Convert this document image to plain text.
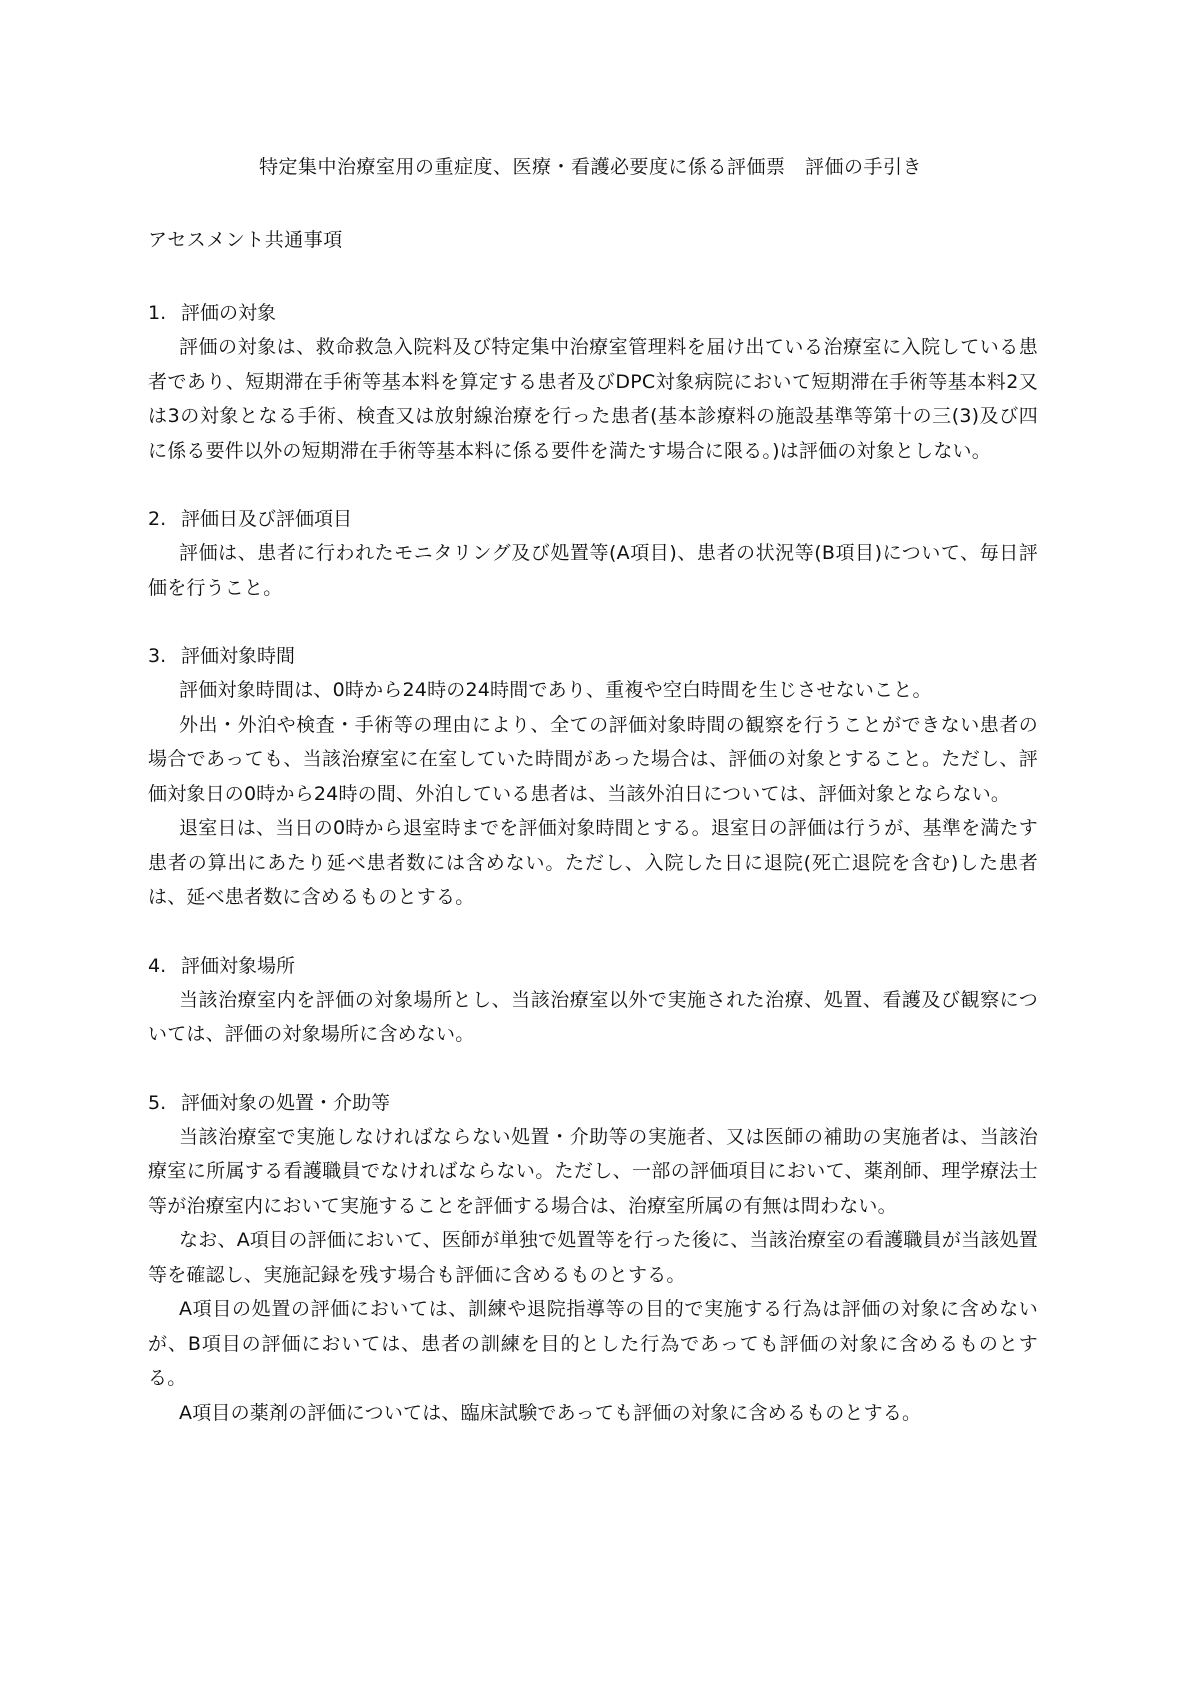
特定集中治療室用の重症度、医療・看護必要度に係る評価票　評価の手引き
アセスメント共通事項
1. 評価の対象

評価の対象は、救命救急入院料及び特定集中治療室管理料を届け出ている治療室に入院している患者であり、短期滞在手術等基本料を算定する患者及びDPC対象病院において短期滞在手術等基本料2又は3の対象となる手術、検査又は放射線治療を行った患者(基本診療料の施設基準等第十の三(3)及び四に係る要件以外の短期滞在手術等基本料に係る要件を満たす場合に限る。)は評価の対象としない。

2. 評価日及び評価項目

評価は、患者に行われたモニタリング及び処置等(A項目)、患者の状況等(B項目)について、毎日評価を行うこと。

3. 評価対象時間

評価対象時間は、0時から24時の24時間であり、重複や空白時間を生じさせないこと。

外出・外泊や検査・手術等の理由により、全ての評価対象時間の観察を行うことができない患者の場合であっても、当該治療室に在室していた時間があった場合は、評価の対象とすること。ただし、評価対象日の0時から24時の間、外泊している患者は、当該外泊日については、評価対象とならない。

退室日は、当日の0時から退室時までを評価対象時間とする。退室日の評価は行うが、基準を満たす患者の算出にあたり延べ患者数には含めない。ただし、入院した日に退院(死亡退院を含む)した患者は、延べ患者数に含めるものとする。

4. 評価対象場所

当該治療室内を評価の対象場所とし、当該治療室以外で実施された治療、処置、看護及び観察については、評価の対象場所に含めない。

5. 評価対象の処置・介助等

当該治療室で実施しなければならない処置・介助等の実施者、又は医師の補助の実施者は、当該治療室に所属する看護職員でなければならない。ただし、一部の評価項目において、薬剤師、理学療法士等が治療室内において実施することを評価する場合は、治療室所属の有無は問わない。

なお、A項目の評価において、医師が単独で処置等を行った後に、当該治療室の看護職員が当該処置等を確認し、実施記録を残す場合も評価に含めるものとする。

A項目の処置の評価においては、訓練や退院指導等の目的で実施する行為は評価の対象に含めないが、B項目の評価においては、患者の訓練を目的とした行為であっても評価の対象に含めるものとする。

A項目の薬剤の評価については、臨床試験であっても評価の対象に含めるものとする。
